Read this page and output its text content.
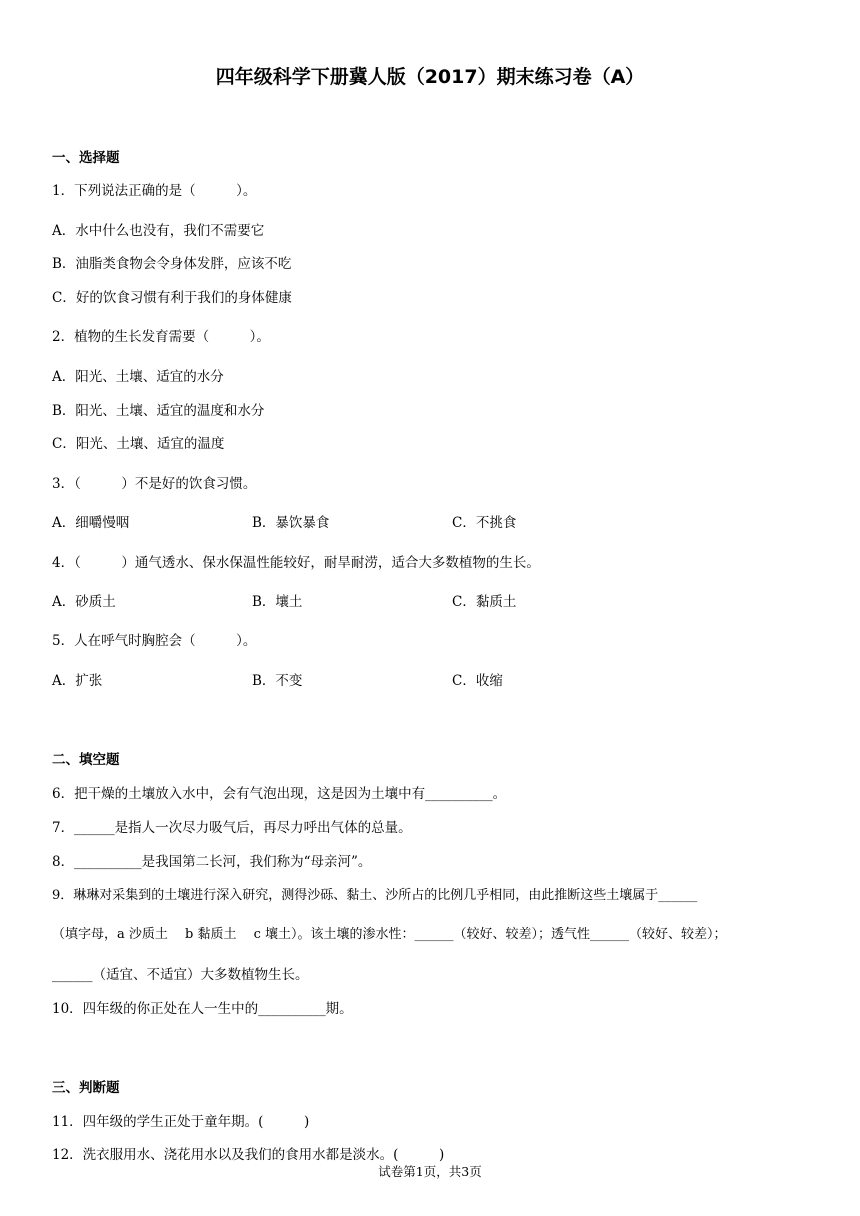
四年级科学下册冀人版（2017）期末练习卷（A）
一、选择题
1．下列说法正确的是（　　　）。
A．水中什么也没有，我们不需要它
B．油脂类食物会令身体发胖，应该不吃
C．好的饮食习惯有利于我们的身体健康
2．植物的生长发育需要（　　　）。
A．阳光、土壤、适宜的水分
B．阳光、土壤、适宜的温度和水分
C．阳光、土壤、适宜的温度
3．（　　　）不是好的饮食习惯。
A．细嚼慢咽	B．暴饮暴食	C．不挑食
4．（　　　）通气透水、保水保温性能较好，耐旱耐涝，适合大多数植物的生长。
A．砂质土	B．壤土	C．黏质土
5．人在呼气时胸腔会（　　　）。
A．扩张	B．不变	C．收缩
二、填空题
6．把干燥的土壤放入水中，会有气泡出现，这是因为土壤中有__________。
7．______是指人一次尽力吸气后，再尽力呼出气体的总量。
8．__________是我国第二长河，我们称为“母亲河”。
9．琳琳对采集到的土壤进行深入研究，测得沙砾、黏土、沙所占的比例几乎相同，由此推断这些土壤属于______
（填字母，a 沙质土　 b 黏质土　 c 壤土）。该土壤的渗水性：______（较好、较差）；透气性______（较好、较差）；
______（适宜、不适宜）大多数植物生长。
10．四年级的你正处在人一生中的__________期。
三、判断题
11．四年级的学生正处于童年期。(　　　)
12．洗衣服用水、浇花用水以及我们的食用水都是淡水。(　　　)
试卷第1页，共3页
